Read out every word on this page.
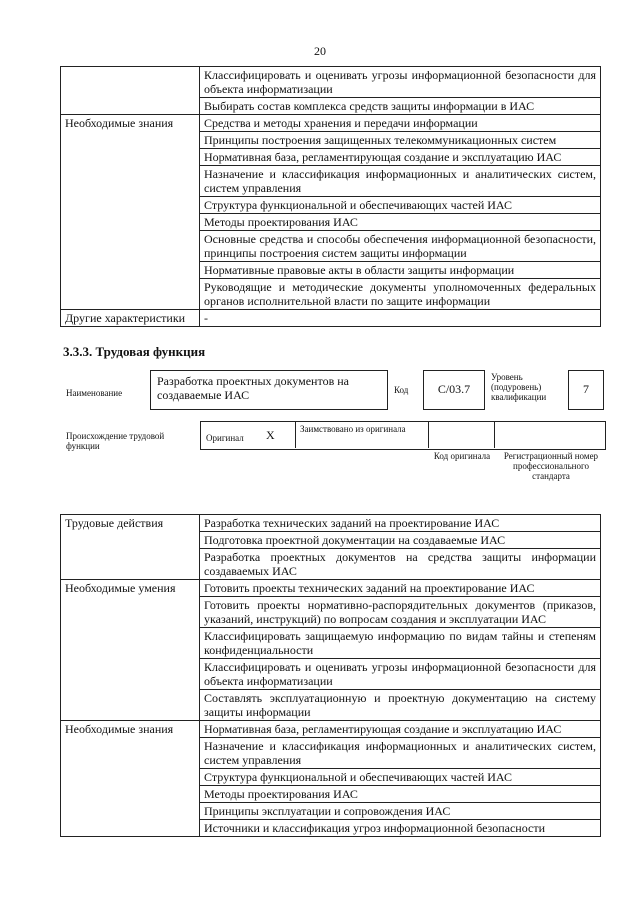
20
	Классифицировать и оценивать угрозы информационной безопасности для объекта информатизации
	Выбирать состав комплекса средств защиты информации в ИАС
Необходимые знания	Средства и методы хранения и передачи информации
	Принципы построения защищенных телекоммуникационных систем
	Нормативная база, регламентирующая создание и эксплуатацию ИАС
	Назначение и классификация информационных и аналитических систем, систем управления
	Структура функциональной и обеспечивающих частей ИАС
	Методы проектирования ИАС
	Основные средства и способы обеспечения информационной безопасности, принципы построения систем защиты информации
	Нормативные правовые акты в области защиты информации
	Руководящие и методические документы уполномоченных федеральных органов исполнительной власти по защите информации
Другие характеристики	-
3.3.3. Трудовая функция
Наименование
Разработка проектных документов на создаваемые ИАС	Код	С/03.7
Уровень (подуровень) квалификации
7
Происхождение трудовой функции
Оригинал X	Заимствовано из оригинала
Код оригинала	Регистрационный номер профессионального стандарта
Трудовые действия	Разработка технических заданий на проектирование ИАС
	Подготовка проектной документации на создаваемые ИАС
	Разработка проектных документов на средства защиты информации создаваемых ИАС
Необходимые умения	Готовить проекты технических заданий на проектирование ИАС
	Готовить проекты нормативно-распорядительных документов (приказов, указаний, инструкций) по вопросам создания и эксплуатации ИАС
	Классифицировать защищаемую информацию по видам тайны и степеням конфиденциальности
	Классифицировать и оценивать угрозы информационной безопасности для объекта информатизации
	Составлять эксплуатационную и проектную документацию на систему защиты информации
Необходимые знания	Нормативная база, регламентирующая создание и эксплуатацию ИАС
	Назначение и классификация информационных и аналитических систем, систем управления
	Структура функциональной и обеспечивающих частей ИАС
	Методы проектирования ИАС
	Принципы эксплуатации и сопровождения ИАС
	Источники и классификация угроз информационной безопасности
